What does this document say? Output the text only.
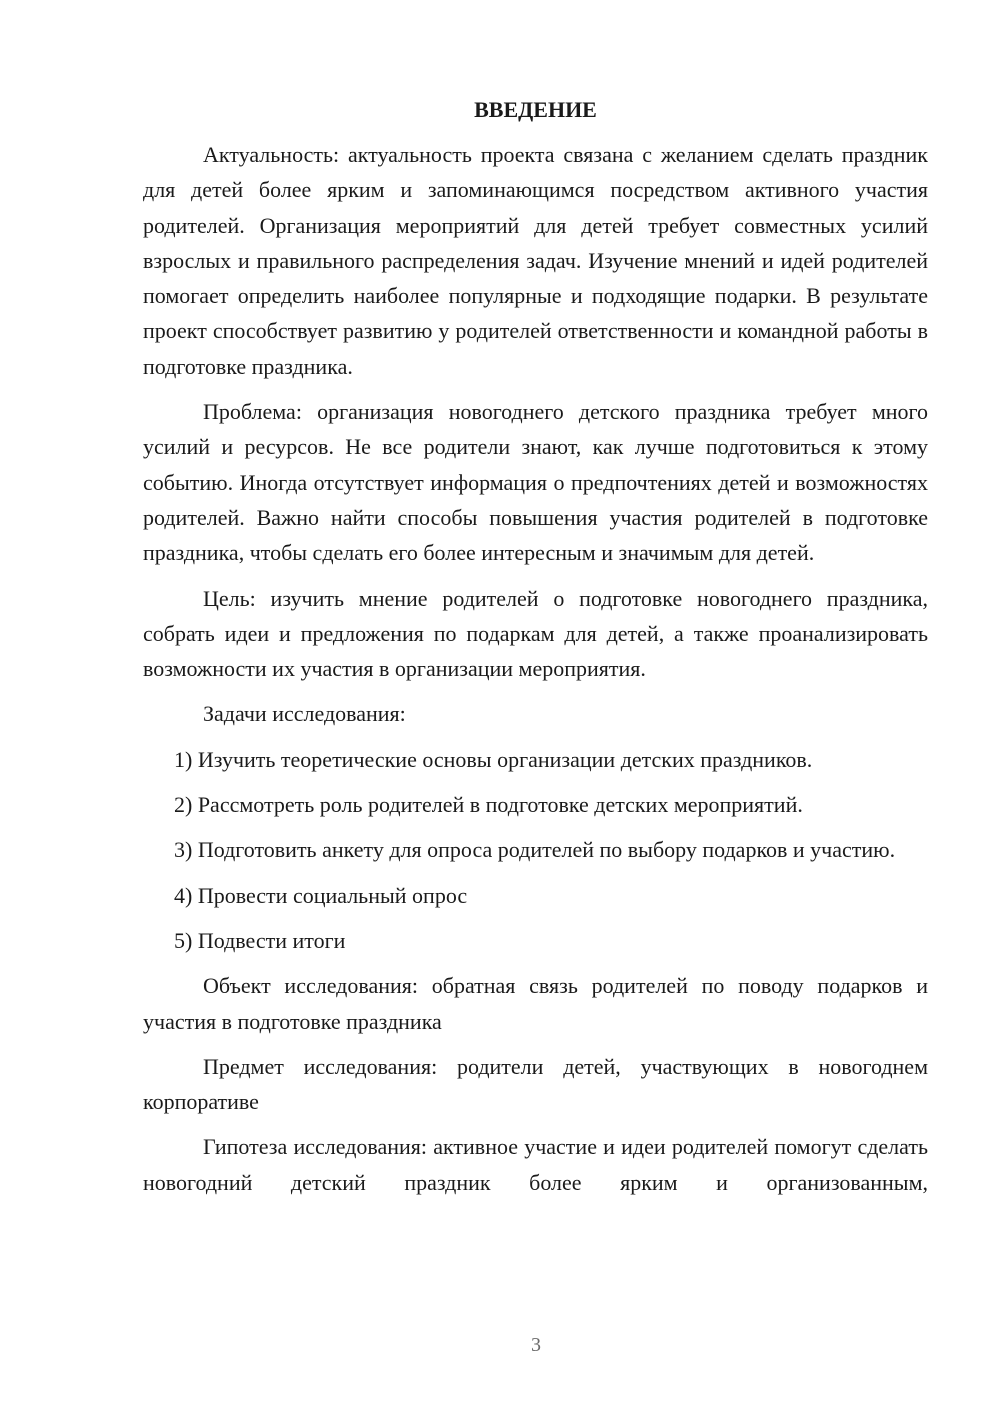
ВВЕДЕНИЕ
Актуальность: актуальность проекта связана с желанием сделать праздник для детей более ярким и запоминающимся посредством активного участия родителей. Организация мероприятий для детей требует совместных усилий взрослых и правильного распределения задач. Изучение мнений и идей родителей помогает определить наиболее популярные и подходящие подарки. В результате проект способствует развитию у родителей ответственности и командной работы в подготовке праздника.
Проблема: организация новогоднего детского праздника требует много усилий и ресурсов. Не все родители знают, как лучше подготовиться к этому событию. Иногда отсутствует информация о предпочтениях детей и возможностях родителей. Важно найти способы повышения участия родителей в подготовке праздника, чтобы сделать его более интересным и значимым для детей.
Цель: изучить мнение родителей о подготовке новогоднего праздника, собрать идеи и предложения по подаркам для детей, а также проанализировать возможности их участия в организации мероприятия.
Задачи исследования:
1) Изучить теоретические основы организации детских праздников.
2) Рассмотреть роль родителей в подготовке детских мероприятий.
3) Подготовить анкету для опроса родителей по выбору подарков и участию.
4) Провести социальный опрос
5) Подвести итоги
Объект исследования: обратная связь родителей по поводу подарков и участия в подготовке праздника
Предмет исследования: родители детей, участвующих в новогоднем корпоративе
Гипотеза исследования: активное участие и идеи родителей помогут сделать новогодний детский праздник более ярким и организованным,
3
